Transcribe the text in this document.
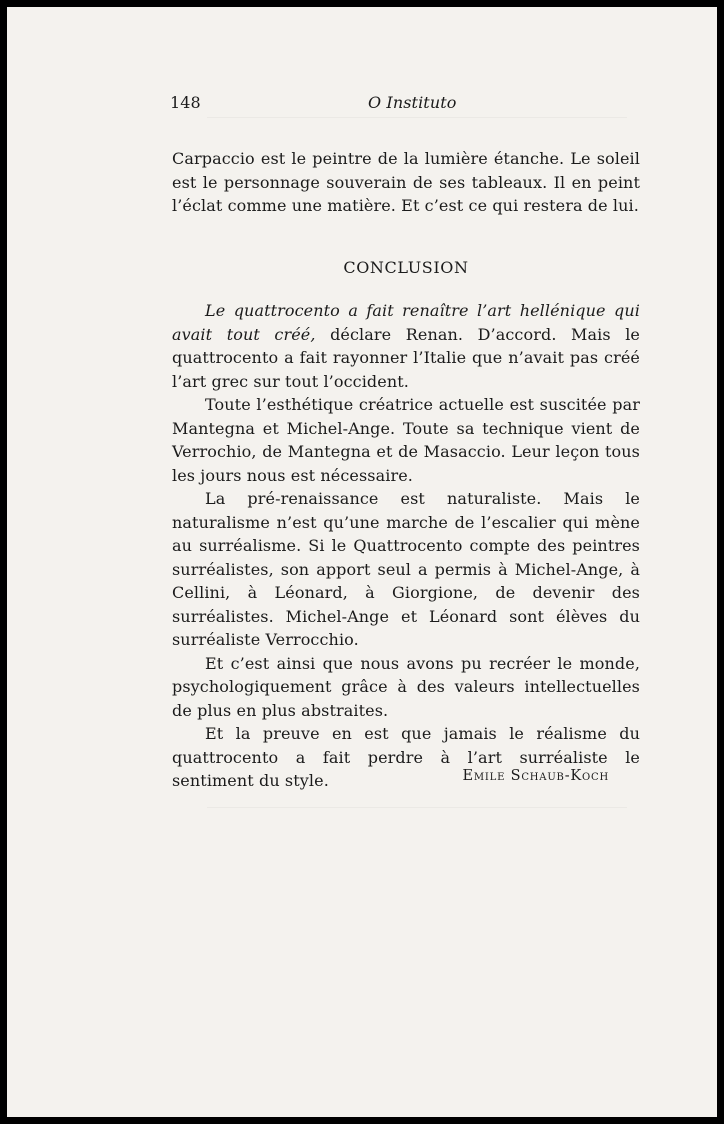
148	O Instituto

Carpaccio est le peintre de la lumière étanche. Le soleil est le personnage souverain de ses tableaux. Il en peint l’éclat comme une matière. Et c’est ce qui restera de lui.

CONCLUSION

Le quattrocento a fait renaître l’art hellénique qui avait tout créé, déclare Renan. D’accord. Mais le quattrocento a fait rayonner l’Italie que n’avait pas créé l’art grec sur tout l’occident.

Toute l’esthétique créatrice actuelle est suscitée par Mantegna et Michel-Ange. Toute sa technique vient de Verrochio, de Mantegna et de Masaccio. Leur leçon tous les jours nous est nécessaire.

La pré-renaissance est naturaliste. Mais le naturalisme n’est qu’une marche de l’escalier qui mène au surréalisme. Si le Quattrocento compte des peintres surréalistes, son apport seul a permis à Michel-Ange, à Cellini, à Léonard, à Giorgione, de devenir des surréalistes. Michel-Ange et Léonard sont élèves du surréaliste Verrocchio.

Et c’est ainsi que nous avons pu recréer le monde, psychologiquement grâce à des valeurs intellectuelles de plus en plus abstraites.

Et la preuve en est que jamais le réalisme du quattrocento a fait perdre à l’art surréaliste le sentiment du style.	Emile Schaub-Koch
